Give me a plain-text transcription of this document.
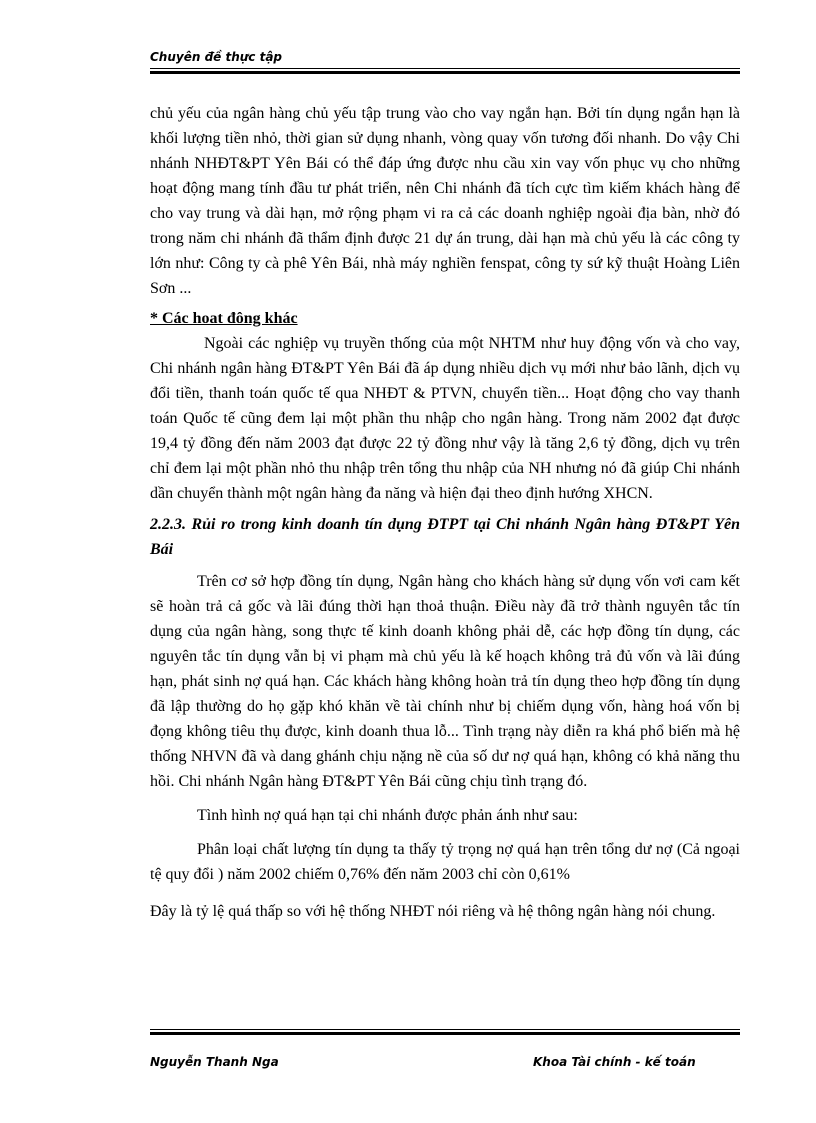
Chuyên đề thực tập

chủ yếu của ngân hàng chủ yếu tập trung vào cho vay ngắn hạn. Bởi tín dụng ngắn hạn là khối lượng tiền nhỏ, thời gian sử dụng nhanh, vòng quay vốn tương đối nhanh. Do vậy Chi nhánh NHĐT&PT Yên Bái có thể đáp ứng được nhu cầu xin vay vốn phục vụ cho những hoạt động mang tính đầu tư phát triển, nên Chi nhánh đã tích cực tìm kiếm khách hàng để cho vay trung và dài hạn, mở rộng phạm vi ra cả các doanh nghiệp ngoài địa bàn, nhờ đó trong năm chi nhánh đã thẩm định được 21 dự án trung, dài hạn mà chủ yếu là các công ty lớn như: Công ty cà phê Yên Bái, nhà máy nghiền fenspat, công ty sứ kỹ thuật Hoàng Liên Sơn ...

* Các hoat đông khác

Ngoài các nghiệp vụ truyền thống của một NHTM như huy động vốn và cho vay, Chi nhánh ngân hàng ĐT&PT Yên Bái đã áp dụng nhiều dịch vụ mới như bảo lãnh, dịch vụ đổi tiền, thanh toán quốc tế qua NHĐT & PTVN, chuyển tiền... Hoạt động cho vay thanh toán Quốc tế cũng đem lại một phần thu nhập cho ngân hàng. Trong năm 2002 đạt được 19,4 tỷ đồng đến năm 2003 đạt được 22 tỷ đồng như vậy là tăng 2,6 tỷ đồng, dịch vụ trên chỉ đem lại một phần nhỏ thu nhập trên tổng thu nhập của NH nhưng nó đã giúp Chi nhánh dần chuyển thành một ngân hàng đa năng và hiện đại theo định hướng XHCN.

2.2.3. Rủi ro trong kinh doanh tín dụng ĐTPT tại Chi nhánh Ngân hàng ĐT&PT Yên Bái

Trên cơ sở hợp đồng tín dụng, Ngân hàng cho khách hàng sử dụng vốn vơi cam kết sẽ hoàn trả cả gốc và lãi đúng thời hạn thoả thuận. Điều này đã trở thành nguyên tắc tín dụng của ngân hàng, song thực tế kinh doanh không phải dễ, các hợp đồng tín dụng, các nguyên tắc tín dụng vẫn bị vi phạm mà chủ yếu là kế hoạch không trả đủ vốn và lãi đúng hạn, phát sinh nợ quá hạn. Các khách hàng không hoàn trả tín dụng theo hợp đồng tín dụng đã lập thường do họ gặp khó khăn về tài chính như bị chiếm dụng vốn, hàng hoá vốn bị đọng không tiêu thụ được, kinh doanh thua lỗ... Tình trạng này diễn ra khá phổ biến mà hệ thống NHVN đã và dang ghánh chịu nặng nề của số dư nợ quá hạn, không có khả năng thu hồi. Chi nhánh Ngân hàng ĐT&PT Yên Bái cũng chịu tình trạng đó.

Tình hình nợ quá hạn tại chi nhánh được phản ánh như sau:

Phân loại chất lượng tín dụng ta thấy tỷ trọng nợ quá hạn trên tổng dư nợ (Cả ngoại tệ quy đổi ) năm 2002 chiếm 0,76% đến năm 2003 chỉ còn 0,61%

Đây là tỷ lệ quá thấp so với hệ thống NHĐT nói riêng và hệ thông ngân hàng nói chung.

Nguyễn Thanh Nga	Khoa Tài chính - kế toán
